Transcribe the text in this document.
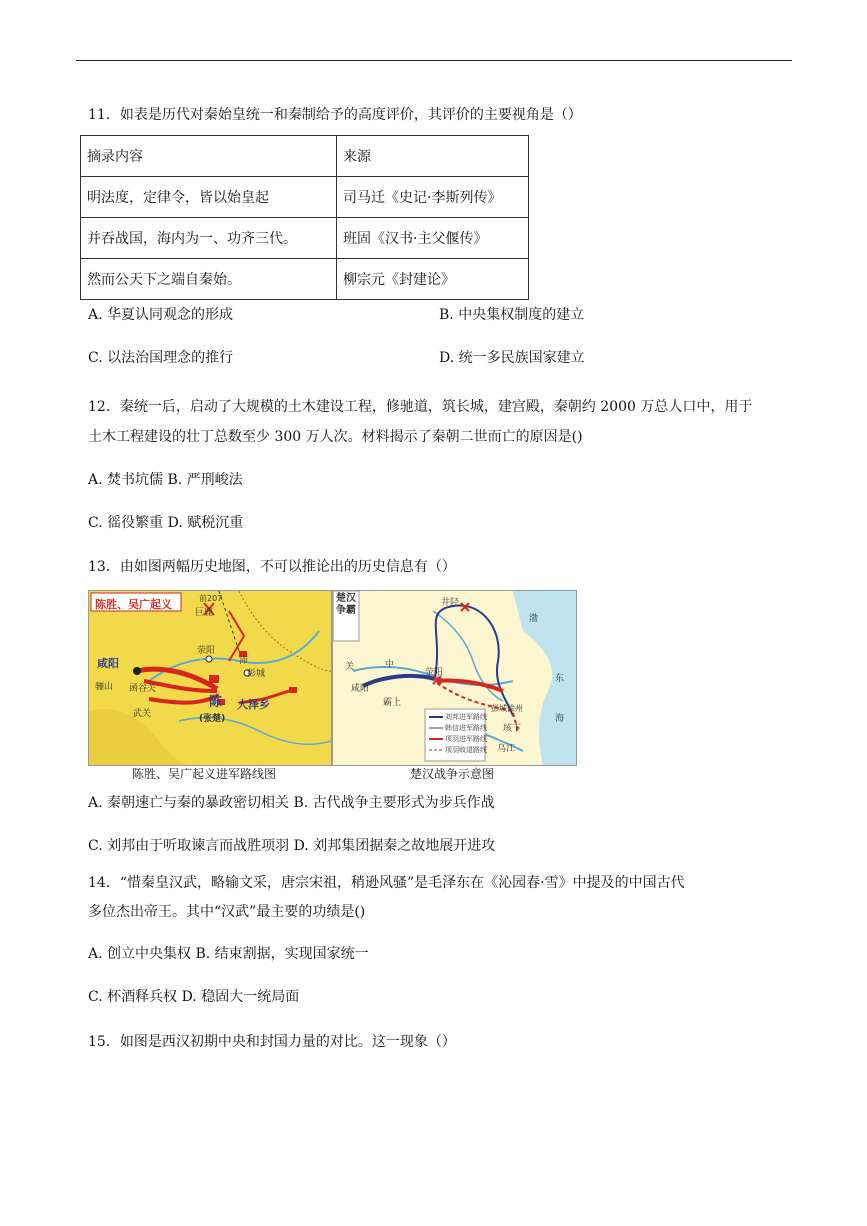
11．如表是历代对秦始皇统一和秦制给予的高度评价，其评价的主要视角是（）
摘录内容	来源
明法度，定律令，皆以始皇起	司马迁《史记·李斯列传》
并吞战国，海内为一、功齐三代。	班固《汉书·主父偃传》
然而公天下之端自秦始。	柳宗元《封建论》
A. 华夏认同观念的形成	B. 中央集权制度的建立
C. 以法治国理念的推行	D. 统一多民族国家建立
12．秦统一后，启动了大规模的土木建设工程，修驰道，筑长城，建宫殿，秦朝约 2000 万总人口中，用于
土木工程建设的壮丁总数至少 300 万人次。材料揭示了秦朝二世而亡的原因是()
A. 焚书坑儒 B. 严刑峻法
C. 徭役繁重 D. 赋税沉重
13．由如图两幅历史地图，不可以推论出的历史信息有（）
陈胜、吴广起义
咸阳
骊山 函谷关
荥阳
彭城
沛
陈
(张楚)
大泽乡
巨鹿
前207
武关
陈胜、吴广起义进军路线图
楚汉争霸
关	中
咸阳
荥阳
霸上
井陉
彭城徐州
垓下
乌江
海
东
渤
刘邦进军路线
韩信进军路线
项羽进军路线
项羽败退路线
楚汉战争示意图
A. 秦朝速亡与秦的暴政密切相关 B. 古代战争主要形式为步兵作战
C. 刘邦由于听取谏言而战胜项羽 D. 刘邦集团据秦之故地展开进攻
14．“惜秦皇汉武，略输文采，唐宗宋祖，稍逊风骚”是毛泽东在《沁园春·雪》中提及的中国古代
多位杰出帝王。其中“汉武”最主要的功绩是()
A. 创立中央集权 B. 结束割据，实现国家统一
C. 杯酒释兵权 D. 稳固大一统局面
15．如图是西汉初期中央和封国力量的对比。这一现象（）
